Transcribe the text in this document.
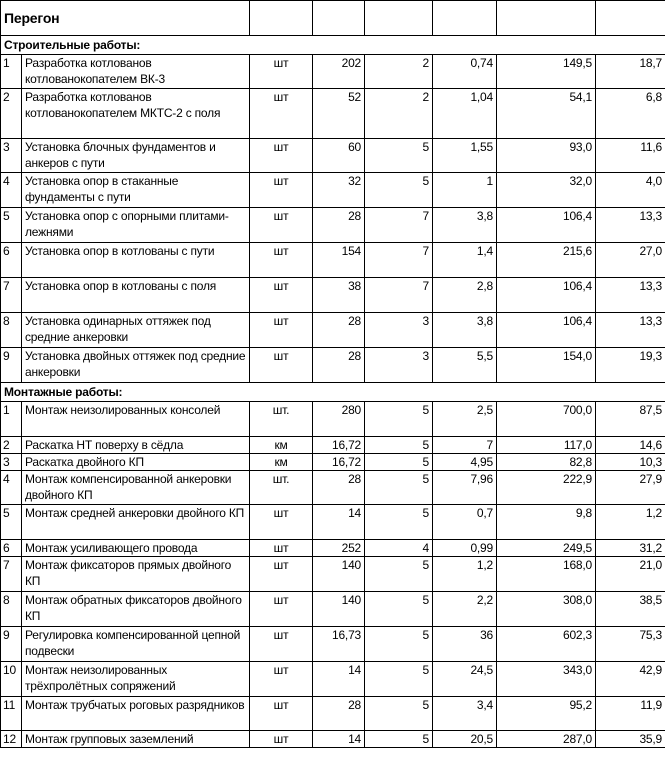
Перегон							
Строительные работы:							
1	Разработка котлованов котлованокопателем ВК-3	шт	202	2	0,74	149,5	18,7
2	Разработка котлованов котлованокопателем МКТС-2 с поля	шт	52	2	1,04	54,1	6,8
3	Установка блочных фундаментов и анкеров с пути	шт	60	5	1,55	93,0	11,6
4	Установка опор в стаканные фундаменты с пути	шт	32	5	1	32,0	4,0
5	Установка опор с опорными плитами-лежнями	шт	28	7	3,8	106,4	13,3
6	Установка опор в котлованы с пути	шт	154	7	1,4	215,6	27,0
7	Установка опор в котлованы с поля	шт	38	7	2,8	106,4	13,3
8	Установка одинарных оттяжек под средние анкеровки	шт	28	3	3,8	106,4	13,3
9	Установка двойных оттяжек под средние анкеровки	шт	28	3	5,5	154,0	19,3
Монтажные работы:							
1	Монтаж неизолированных консолей	шт.	280	5	2,5	700,0	87,5
2	Раскатка НТ поверху в сёдла	км	16,72	5	7	117,0	14,6
3	Раскатка двойного КП	км	16,72	5	4,95	82,8	10,3
4	Монтаж компенсированной анкеровки двойного КП	шт.	28	5	7,96	222,9	27,9
5	Монтаж средней анкеровки двойного КП	шт	14	5	0,7	9,8	1,2
6	Монтаж усиливающего провода	шт	252	4	0,99	249,5	31,2
7	Монтаж фиксаторов прямых двойного КП	шт	140	5	1,2	168,0	21,0
8	Монтаж обратных фиксаторов двойного КП	шт	140	5	2,2	308,0	38,5
9	Регулировка компенсированной цепной подвески	шт	16,73	5	36	602,3	75,3
10	Монтаж неизолированных трёхпролётных сопряжений	шт	14	5	24,5	343,0	42,9
11	Монтаж трубчатых роговых разрядников	шт	28	5	3,4	95,2	11,9
12	Монтаж групповых заземлений	шт	14	5	20,5	287,0	35,9
